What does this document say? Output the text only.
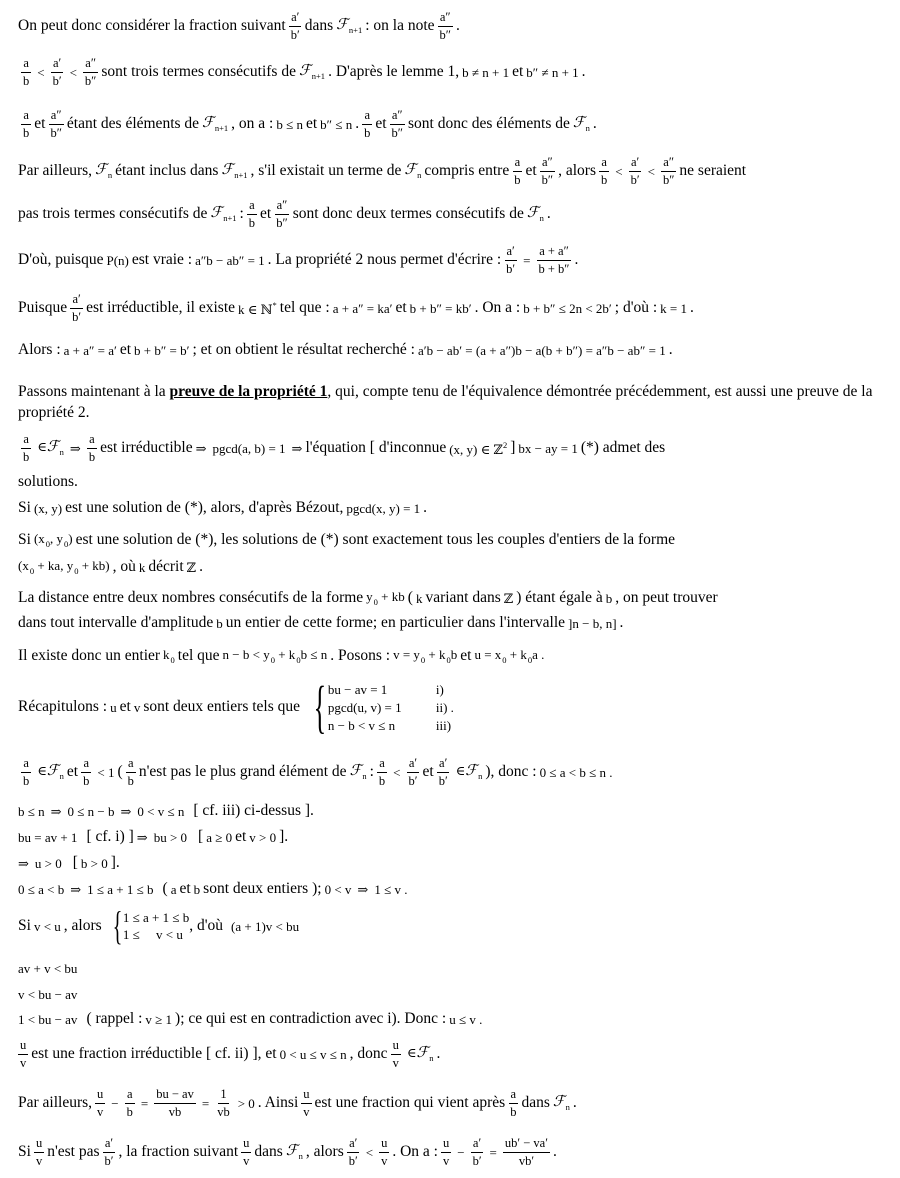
On peut donc considérer la fraction suivant $\frac{a'}{b'}$ dans ℱ$_{n+1}$ : on la note $\frac{a''}{b''}$ .
$\frac{a}{b} < \frac{a'}{b'} < \frac{a''}{b''}$ sont trois termes consécutifs de ℱ$_{n+1}$ . D'après le lemme 1, b ≠ n + 1 et b″ ≠ n + 1 .
$\frac{a}{b}$ et $\frac{a''}{b''}$ étant des éléments de ℱ$_{n+1}$ , on a : b ≤ n et b″ ≤ n . $\frac{a}{b}$ et $\frac{a''}{b''}$ sont donc des éléments de ℱ$_n$ .
Par ailleurs, ℱ$_n$ étant inclus dans ℱ$_{n+1}$ , s'il existait un terme de ℱ$_n$ compris entre $\frac{a}{b}$ et $\frac{a''}{b''}$ , alors $\frac{a}{b} < \frac{a'}{b'} < \frac{a''}{b''}$ ne seraient
pas trois termes consécutifs de ℱ$_{n+1}$ : $\frac{a}{b}$ et $\frac{a''}{b''}$ sont donc deux termes consécutifs de ℱ$_n$ .
D'où, puisque P(n) est vraie : a″b − ab″ = 1 . La propriété 2 nous permet d'écrire : $\frac{a'}{b'} = \frac{a + a''}{b + b''}$ .
Puisque $\frac{a'}{b'}$ est irréductible, il existe k ∈ ℕ* tel que : a + a″ = ka′ et b + b″ = kb′ . On a : b + b″ ≤ 2n < 2b′ ; d'où : k = 1 .
Alors : a + a″ = a′ et b + b″ = b′ ; et on obtient le résultat recherché : a′b − ab′ = (a + a″)b − a(b + b″) = a″b − ab″ = 1 .
Passons maintenant à la preuve de la propriété 1, qui, compte tenu de l'équivalence démontrée précédemment, est aussi une preuve de la propriété 2.
$\frac{a}{b}$ ∈ℱ$_n$ ⇒ $\frac{a}{b}$ est irréductible ⇒ pgcd(a, b) = 1 ⇒ l'équation [ d'inconnue (x, y) ∈ ℤ$^2$ ] bx − ay = 1 (*) admet des
solutions.
Si (x, y) est une solution de (*), alors, d'après Bézout, pgcd(x, y) = 1 .
Si ($x_0$, $y_0$) est une solution de (*), les solutions de (*) sont exactement tous les couples d'entiers de la forme
($x_0$ + ka, $y_0 + kb$) , où k décrit ℤ .
La distance entre deux nombres consécutifs de la forme $y_0$ + kb ( k variant dans ℤ ) étant égale à b , on peut trouver
dans tout intervalle d'amplitude b un entier de cette forme; en particulier dans l'intervalle ]n − b, n] .
Il existe donc un entier $k_0$ tel que $n - b < y_0 + k_0b \le n$ . Posons : $v = y_0 + k_0b$ et $u = x_0 + k_0a$ .
Récapitulons : u et v sont deux entiers tels que { bu − av = 1	i)
pgcd(u, v) = 1	ii) .
n − b < v ≤ n	iii)
$\frac{a}{b}$ ∈ℱ$_n$ et $\frac{a}{b} < 1$ ( $\frac{a}{b} n'est$ pas le plus grand élément de ℱ$_n$ : $\frac{a}{b} < \frac{a'}{b'}$ et $\frac{a'}{b'}$ ∈ℱ$_n$ ), donc : 0 ≤ a < b ≤ n .
b ≤ n ⇒ 0 ≤ n − b ⇒ 0 < v ≤ n [ cf. iii) ci-dessus ].
bu = av + 1 [ cf. i) ] ⇒ bu > 0 [ a ≥ 0 et v > 0 ].
⇒ u > 0 [ b > 0 ].
0 ≤ a < b ⇒ 1 ≤ a + 1 ≤ b ( a et b sont deux entiers ); 0 < v ⇒ 1 ≤ v .
Si v < u , alors { 1 ≤ a + 1 ≤ b
1 ≤     v < u
, d'où (a + 1)v < bu
av + v < bu
v < bu − av
1 < bu − av ( rappel : v ≥ 1 ); ce qui est en contradiction avec i). Donc : u ≤ v .
$\frac{u}{v}$ est une fraction irréductible [ cf. ii) ], et 0 < u ≤ v ≤ n , donc $\frac{u}{v}$ ∈ℱ$_n$ .
Par ailleurs, $\frac{u}{v} - \frac{a}{b} = \frac{bu - av}{vb} = \frac{1}{vb} > 0$ . Ainsi $\frac{u}{v}$ est une fraction qui vient après $\frac{a}{b}$ dans ℱ$_n$ .
Si $\frac{u}{v} n'est$ pas $\frac{a'}{b'}$ , la fraction suivant $\frac{u}{v}$ dans ℱ$_n$ , alors $\frac{a'}{b'} < \frac{u}{v}$ . On a : $\frac{u}{v} - \frac{a'}{b'} = \frac{ub' - va'}{vb'}$ .
